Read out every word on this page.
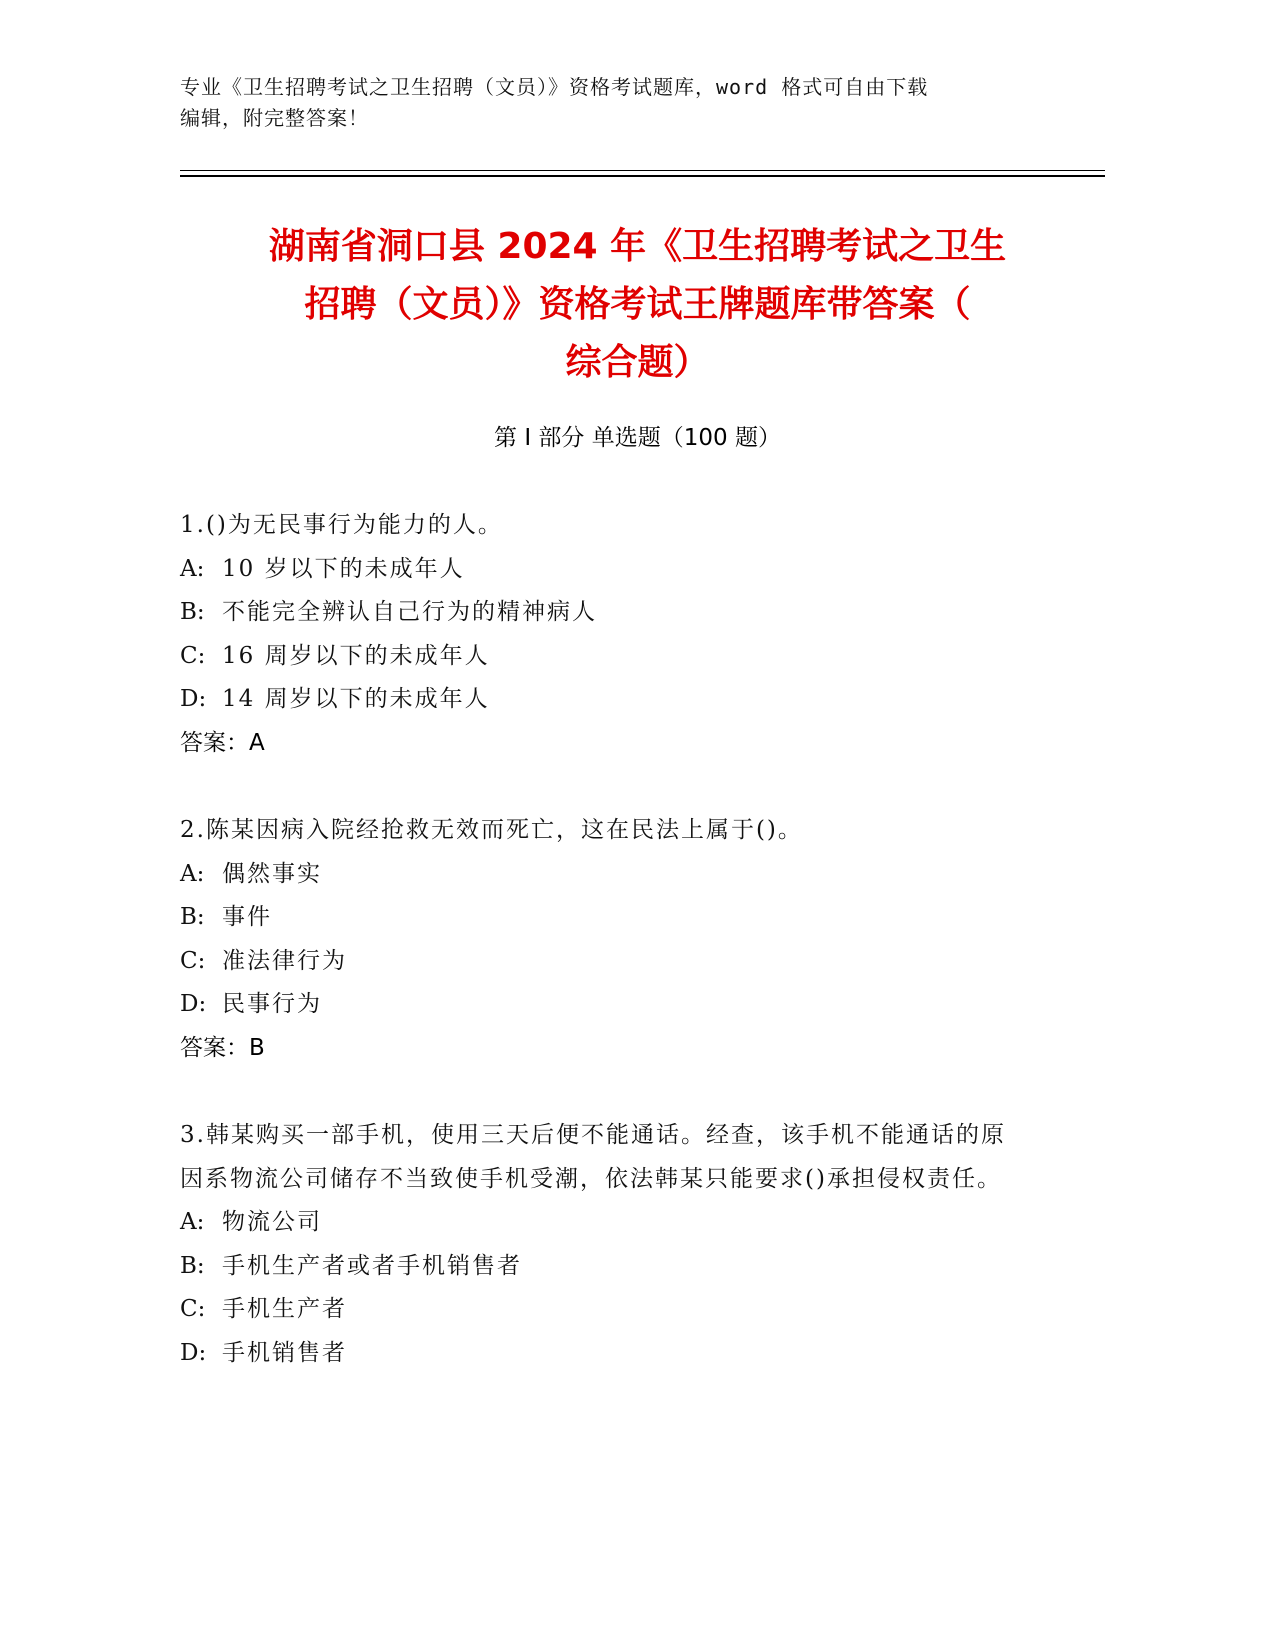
专业《卫生招聘考试之卫生招聘（文员）》资格考试题库，word 格式可自由下载
编辑，附完整答案！
湖南省洞口县 2024 年《卫生招聘考试之卫生
招聘（文员）》资格考试王牌题库带答案（
综合题）
第 I 部分 单选题（100 题）
1.()为无民事行为能力的人。
A: 10 岁以下的未成年人
B: 不能完全辨认自己行为的精神病人
C: 16 周岁以下的未成年人
D: 14 周岁以下的未成年人
答案：A
2.陈某因病入院经抢救无效而死亡，这在民法上属于()。
A: 偶然事实
B: 事件
C: 准法律行为
D: 民事行为
答案：B
3.韩某购买一部手机，使用三天后便不能通话。经查，该手机不能通话的原因系物流公司储存不当致使手机受潮，依法韩某只能要求()承担侵权责任。
A: 物流公司
B: 手机生产者或者手机销售者
C: 手机生产者
D: 手机销售者
